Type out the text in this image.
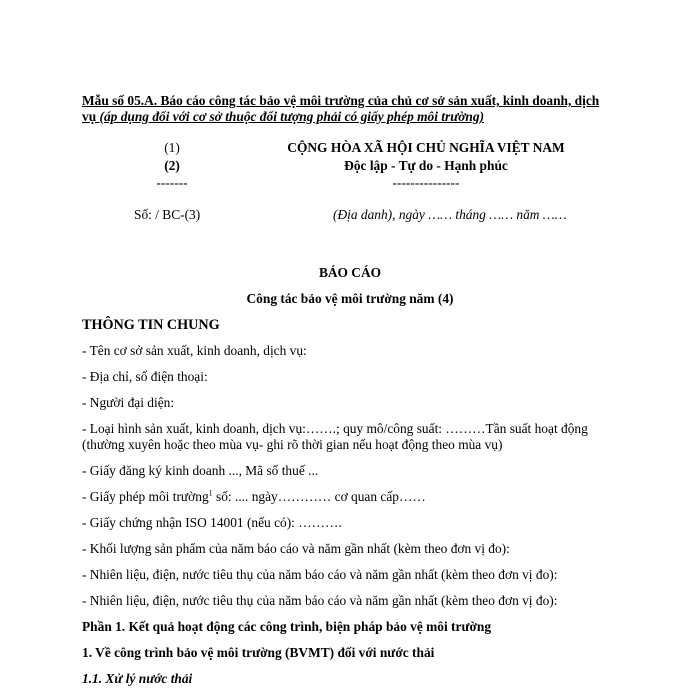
Mẫu số 05.A. Báo cáo công tác bảo vệ môi trường của chủ cơ sở sản xuất, kinh doanh, dịch
vụ (áp dụng đối với cơ sở thuộc đối tượng phải có giấy phép môi trường)
(1)
(2)
-------
CỘNG HÒA XÃ HỘI CHỦ NGHĨA VIỆT NAM
Độc lập - Tự do - Hạnh phúc
---------------
Số: / BC-(3)	(Địa danh), ngày …… tháng …… năm ……
BÁO CÁO
Công tác bảo vệ môi trường năm (4)
THÔNG TIN CHUNG
- Tên cơ sở sản xuất, kinh doanh, dịch vụ:
- Địa chỉ, số điện thoại:
- Người đại diện:
- Loại hình sản xuất, kinh doanh, dịch vụ:…….; quy mô/công suất: ………Tần suất hoạt động
(thường xuyên hoặc theo mùa vụ- ghi rõ thời gian nếu hoạt động theo mùa vụ)
- Giấy đăng ký kinh doanh ..., Mã số thuế ...
- Giấy phép môi trường$^1$ số: .... ngày………… cơ quan cấp……
- Giấy chứng nhận ISO 14001 (nếu có): ……….
- Khối lượng sản phẩm của năm báo cáo và năm gần nhất (kèm theo đơn vị đo):
- Nhiên liệu, điện, nước tiêu thụ của năm báo cáo và năm gần nhất (kèm theo đơn vị đo):
- Nhiên liệu, điện, nước tiêu thụ của năm báo cáo và năm gần nhất (kèm theo đơn vị đo):
Phần 1. Kết quả hoạt động các công trình, biện pháp bảo vệ môi trường
1. Về công trình bảo vệ môi trường (BVMT) đối với nước thải
1.1. Xử lý nước thải
